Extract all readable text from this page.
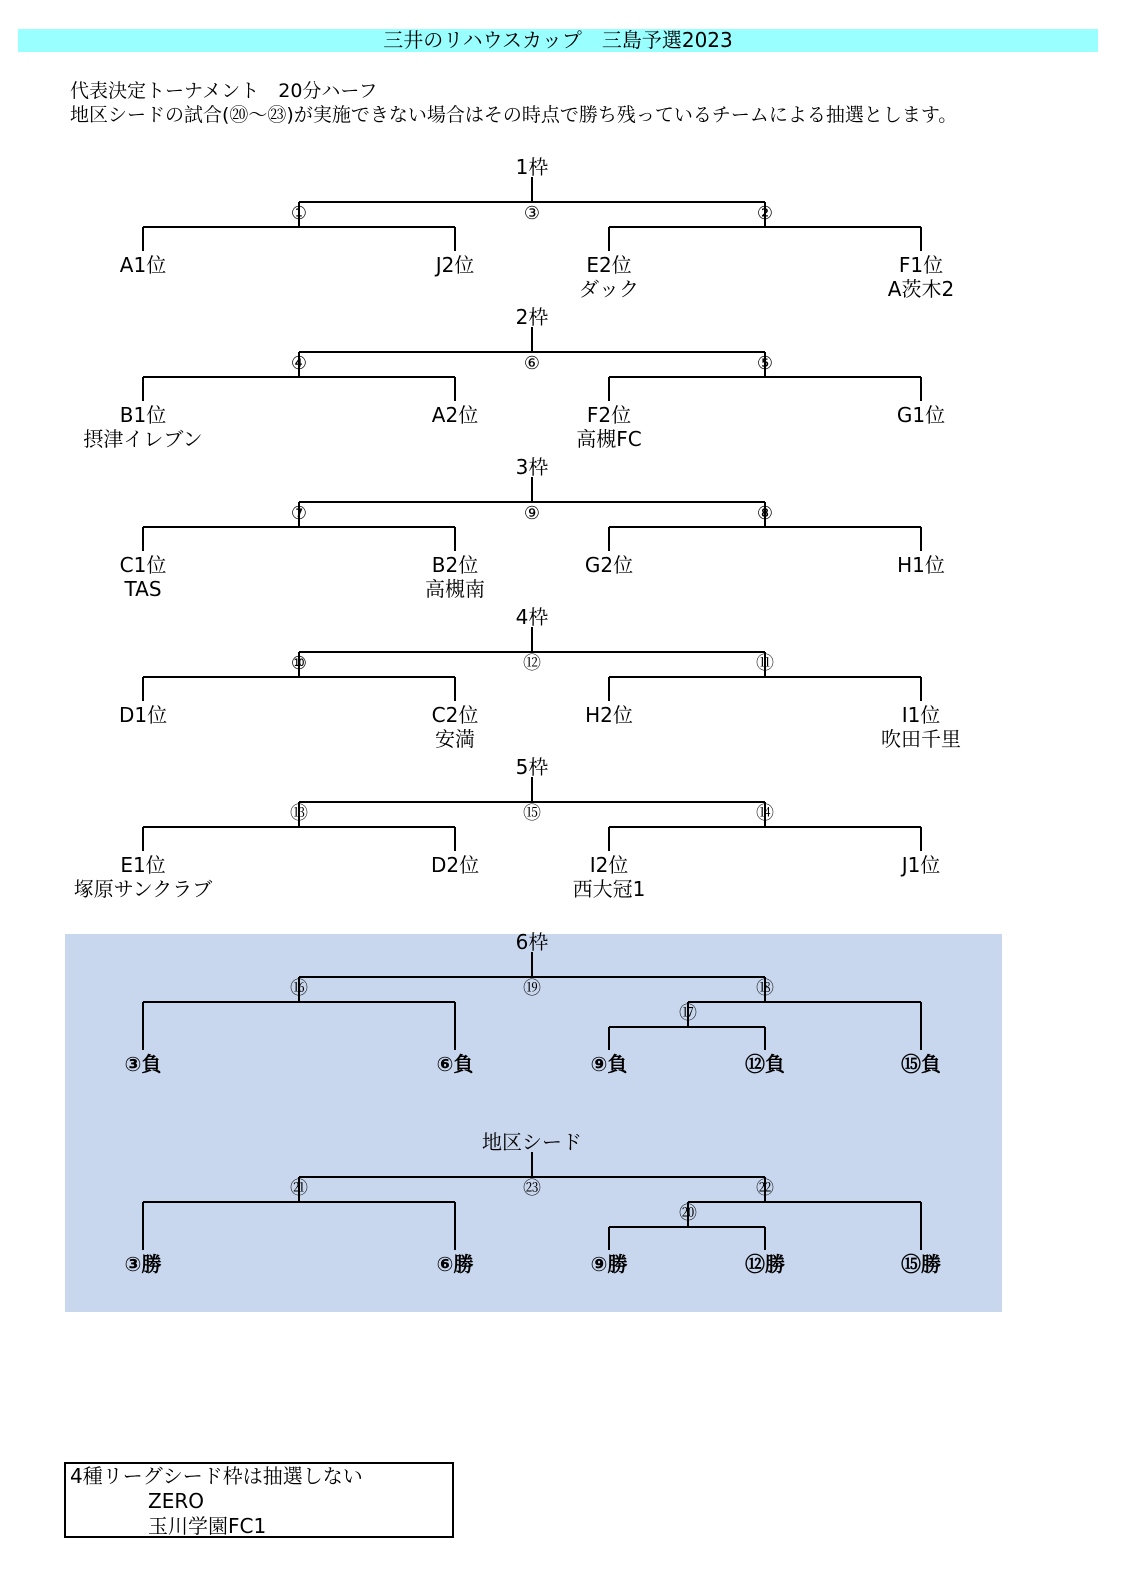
三井のリハウスカップ　三島予選2023
代表決定トーナメント　20分ハーフ
地区シードの試合(⑳～㉓)が実施できない場合はその時点で勝ち残っているチームによる抽選とします。
1枠
③
①	②
A1位	J2位	E2位
ダック
F1位
A茨木2
2枠
⑥
④	⑤
B1位
摂津イレブン
A2位	F2位
高槻FC
G1位
3枠
⑨
⑦	⑧
C1位
TAS
B2位
高槻南
G2位	H1位
4枠
⑫
⑩	⑪
D1位	C2位
安満
H2位	I1位
吹田千里
5枠
⑮
⑬	⑭
E1位
塚原サンクラブ
D2位	I2位
西大冠1
J1位
6枠
⑲
⑯	⑱
⑰
③負	⑥負	⑨負	⑫負	⑮負
地区シード
㉓
㉑	㉒
⑳
③勝	⑥勝	⑨勝	⑫勝	⑮勝
4種リーグシード枠は抽選しない
ZERO
玉川学園FC1
